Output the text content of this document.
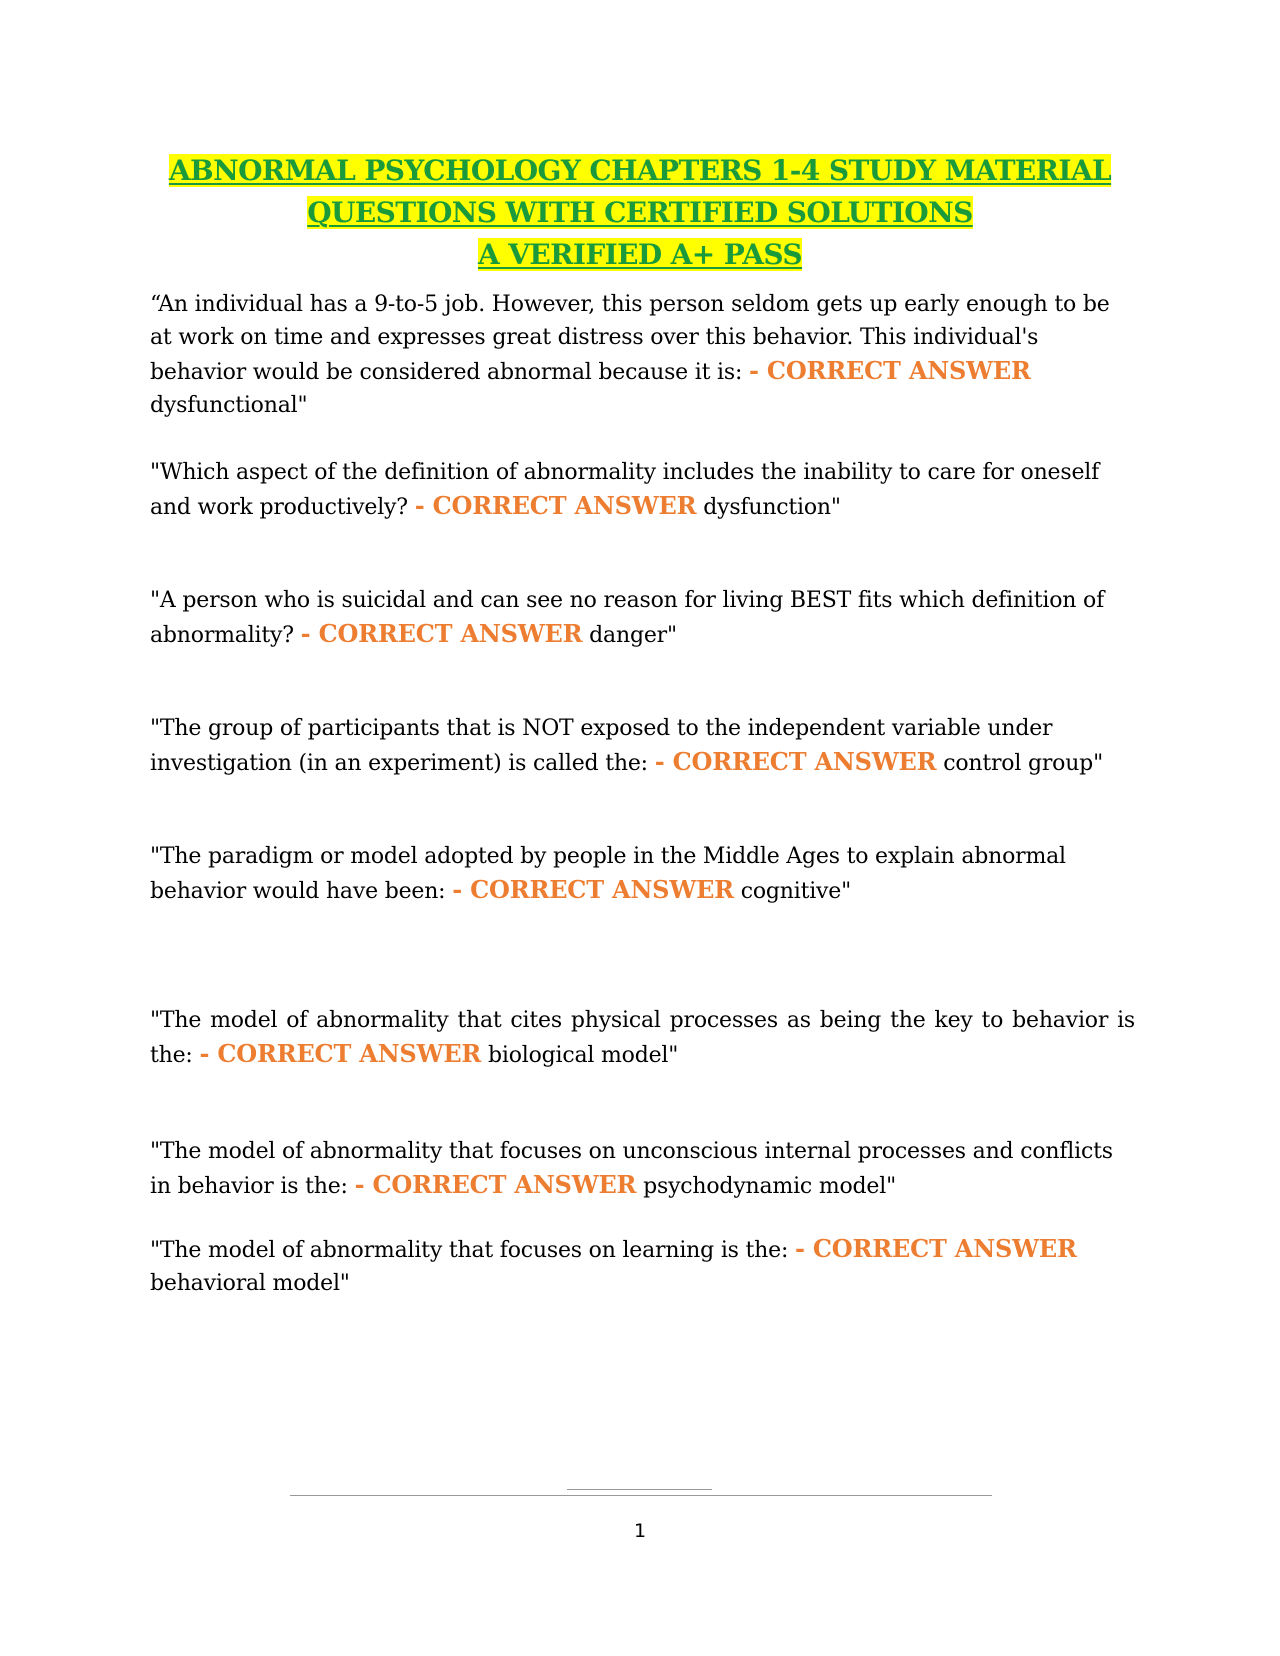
ABNORMAL PSYCHOLOGY CHAPTERS 1-4 STUDY MATERIAL
QUESTIONS WITH CERTIFIED SOLUTIONS
A VERIFIED A+ PASS

“An individual has a 9-to-5 job. However, this person seldom gets up early enough to be at work on time and expresses great distress over this behavior. This individual's behavior would be considered abnormal because it is: - CORRECT ANSWER dysfunctional"

"Which aspect of the definition of abnormality includes the inability to care for oneself and work productively? - CORRECT ANSWER dysfunction"

"A person who is suicidal and can see no reason for living BEST fits which definition of abnormality? - CORRECT ANSWER danger"

"The group of participants that is NOT exposed to the independent variable under investigation (in an experiment) is called the: - CORRECT ANSWER control group"

"The paradigm or model adopted by people in the Middle Ages to explain abnormal behavior would have been: - CORRECT ANSWER cognitive"

"The model of abnormality that cites physical processes as being the key to behavior is the: - CORRECT ANSWER biological model"

"The model of abnormality that focuses on unconscious internal processes and conflicts in behavior is the: - CORRECT ANSWER psychodynamic model"

"The model of abnormality that focuses on learning is the: - CORRECT ANSWER behavioral model"

1
